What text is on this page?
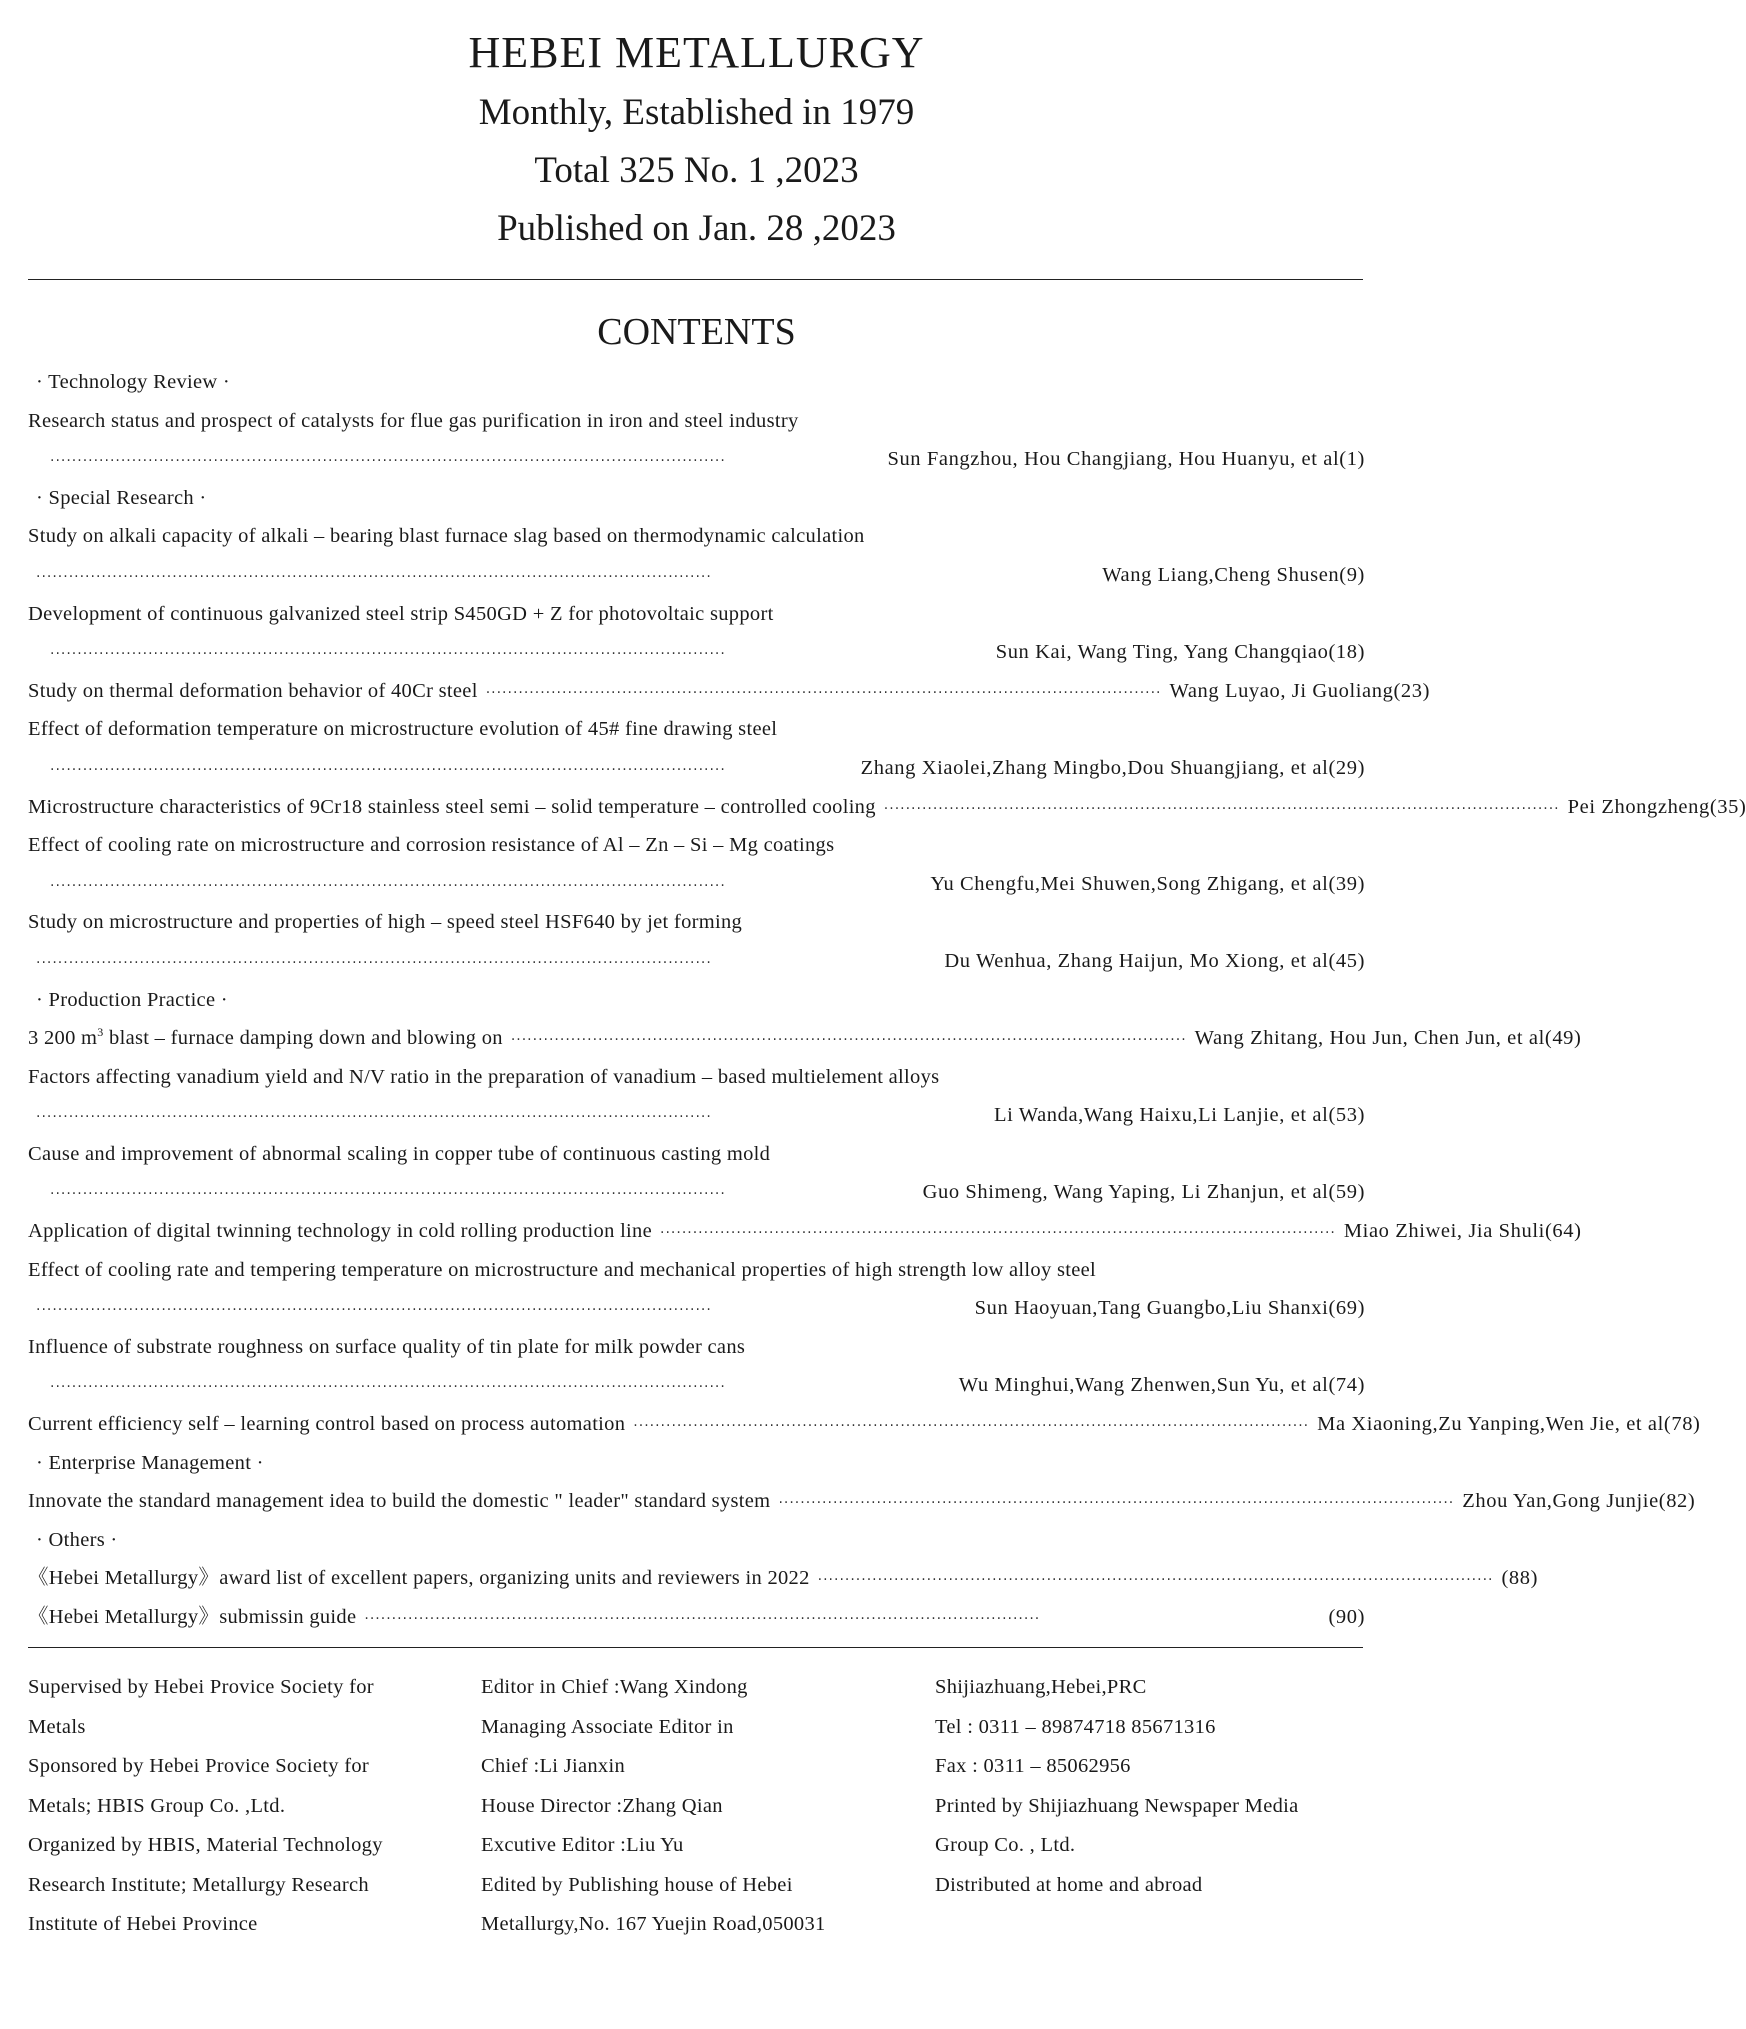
HEBEI METALLURGY
Monthly, Established in 1979
Total 325 No. 1 ,2023
Published on Jan. 28 ,2023
CONTENTS
· Technology Review ·
Research status and prospect of catalysts for flue gas purification in iron and steel industry
····························································································································	Sun Fangzhou, Hou Changjiang, Hou Huanyu, et al (1)
· Special Research ·
Study on alkali capacity of alkali – bearing blast furnace slag based on thermodynamic calculation
····························································································································	Wang Liang,Cheng Shusen (9)
Development of continuous galvanized steel strip S450GD + Z for photovoltaic support
····························································································································	Sun Kai, Wang Ting, Yang Changqiao (18)
Study on thermal deformation behavior of 40Cr steel ···························································································································· Wang Luyao, Ji Guoliang (23)
Effect of deformation temperature on microstructure evolution of 45# fine drawing steel
····························································································································	Zhang Xiaolei,Zhang Mingbo,Dou Shuangjiang, et al (29)
Microstructure characteristics of 9Cr18 stainless steel semi – solid temperature – controlled cooling ···························································································································· Pei Zhongzheng (35)
Effect of cooling rate on microstructure and corrosion resistance of Al – Zn – Si – Mg coatings
····························································································································	Yu Chengfu,Mei Shuwen,Song Zhigang, et al (39)
Study on microstructure and properties of high – speed steel HSF640 by jet forming
····························································································································	Du Wenhua, Zhang Haijun, Mo Xiong, et al (45)
· Production Practice ·
3 200 $m^3$ blast – furnace damping down and blowing on ···························································································································· Wang Zhitang, Hou Jun, Chen Jun, et al (49)
Factors affecting vanadium yield and N/V ratio in the preparation of vanadium – based multielement alloys
····························································································································	Li Wanda,Wang Haixu,Li Lanjie, et al (53)
Cause and improvement of abnormal scaling in copper tube of continuous casting mold
····························································································································	Guo Shimeng, Wang Yaping, Li Zhanjun, et al (59)
Application of digital twinning technology in cold rolling production line ···························································································································· Miao Zhiwei, Jia Shuli (64)
Effect of cooling rate and tempering temperature on microstructure and mechanical properties of high strength low alloy steel
····························································································································	Sun Haoyuan,Tang Guangbo,Liu Shanxi (69)
Influence of substrate roughness on surface quality of tin plate for milk powder cans
····························································································································	Wu Minghui,Wang Zhenwen,Sun Yu, et al (74)
Current efficiency self – learning control based on process automation ···························································································································· Ma Xiaoning,Zu Yanping,Wen Jie, et al (78)
· Enterprise Management ·
Innovate the standard management idea to build the domestic " leader" standard system ···························································································································· Zhou Yan,Gong Junjie (82)
· Others ·
《Hebei Metallurgy》award list of excellent papers, organizing units and reviewers in 2022 ···························································································································· (88)
《Hebei Metallurgy》submissin guide ····························································································································	(90)
Supervised by Hebei Provice Society for
Metals
Sponsored by Hebei Provice Society for
Metals; HBIS Group Co. ,Ltd.
Organized by HBIS, Material Technology
Research Institute; Metallurgy Research
Institute of Hebei Province
Editor in Chief :Wang Xindong
Managing Associate Editor in
Chief :Li Jianxin
House Director :Zhang Qian
Excutive Editor :Liu Yu
Edited by Publishing house of Hebei
Metallurgy,No. 167 Yuejin Road,050031
Shijiazhuang,Hebei,PRC
Tel : 0311 – 89874718 85671316
Fax : 0311 – 85062956
Printed by Shijiazhuang Newspaper Media
Group Co. , Ltd.
Distributed at home and abroad
